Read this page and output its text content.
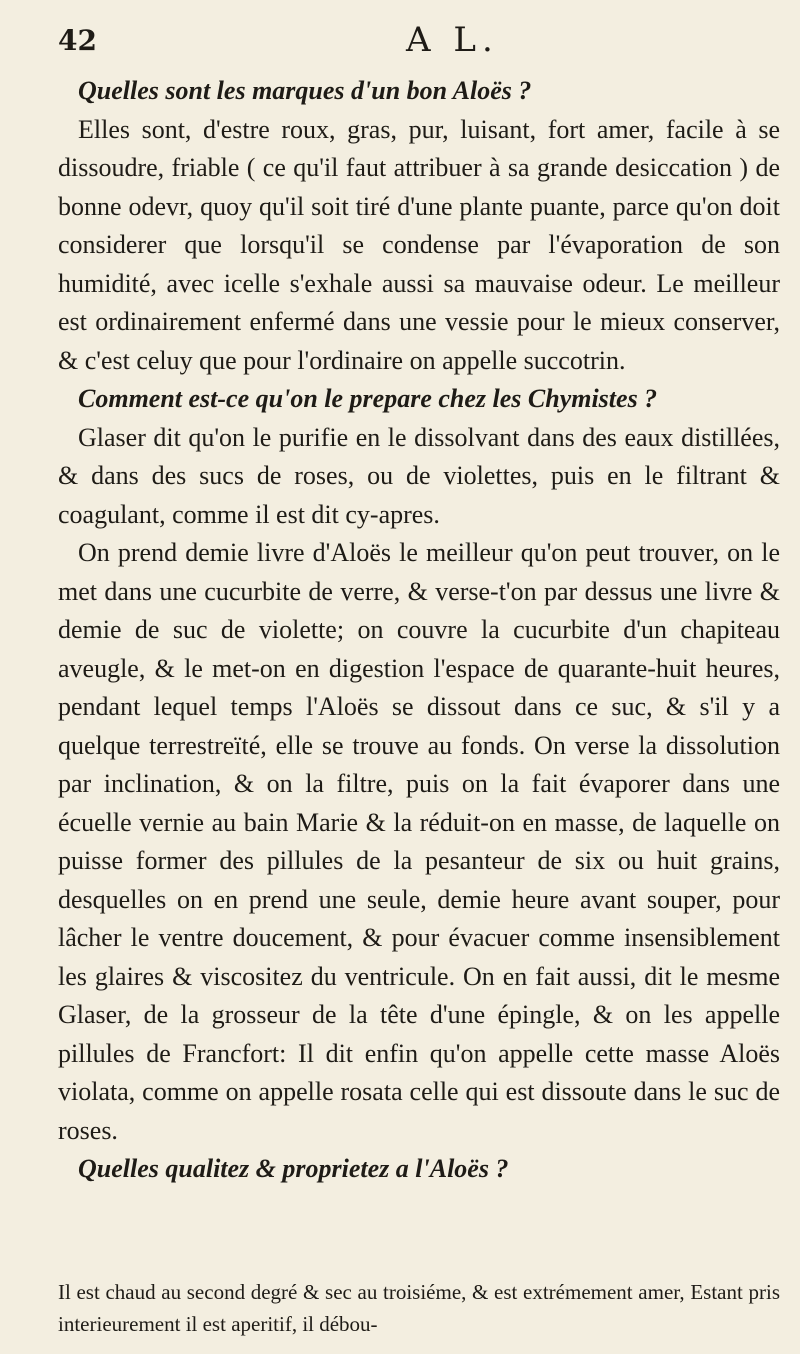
42	A L.
Quelles sont les marques d'un bon Aloës ?

Elles sont, d'estre roux, gras, pur, luisant, fort amer, facile à se dissoudre, friable ( ce qu'il faut attribuer à sa grande desiccation ) de bonne odevr, quoy qu'il soit tiré d'une plante puante, parce qu'on doit considerer que lorsqu'il se condense par l'évaporation de son humidité, avec icelle s'exhale aussi sa mauvaise odeur. Le meilleur est ordinairement enfermé dans une vessie pour le mieux conserver, & c'est celuy que pour l'ordinaire on appelle succotrin.

Comment est-ce qu'on le prepare chez les Chymistes ?

Glaser dit qu'on le purifie en le dissolvant dans des eaux distillées, & dans des sucs de roses, ou de violettes, puis en le filtrant & coagulant, comme il est dit cy-apres.

On prend demie livre d'Aloës le meilleur qu'on peut trouver, on le met dans une cucurbite de verre, & verse-t'on par dessus une livre & demie de suc de violette; on couvre la cucurbite d'un chapiteau aveugle, & le met-on en digestion l'espace de quarante-huit heures, pendant lequel temps l'Aloës se dissout dans ce suc, & s'il y a quelque terrestreïté, elle se trouve au fonds. On verse la dissolution par inclination, & on la filtre, puis on la fait évaporer dans une écuelle vernie au bain Marie & la réduit-on en masse, de laquelle on puisse former des pillules de la pesanteur de six ou huit grains, desquelles on en prend une seule, demie heure avant souper, pour lâcher le ventre doucement, & pour évacuer comme insensiblement les glaires & viscositez du ventricule. On en fait aussi, dit le mesme Glaser, de la grosseur de la tête d'une épingle, & on les appelle pillules de Francfort: Il dit enfin qu'on appelle cette masse Aloës violata, comme on appelle rosata celle qui est dissoute dans le suc de roses.

Quelles qualitez & proprietez a l'Aloës ?
Il est chaud au second degré & sec au troisiéme, & est extrémement amer, Estant pris interieurement il est aperitif, il débou-
